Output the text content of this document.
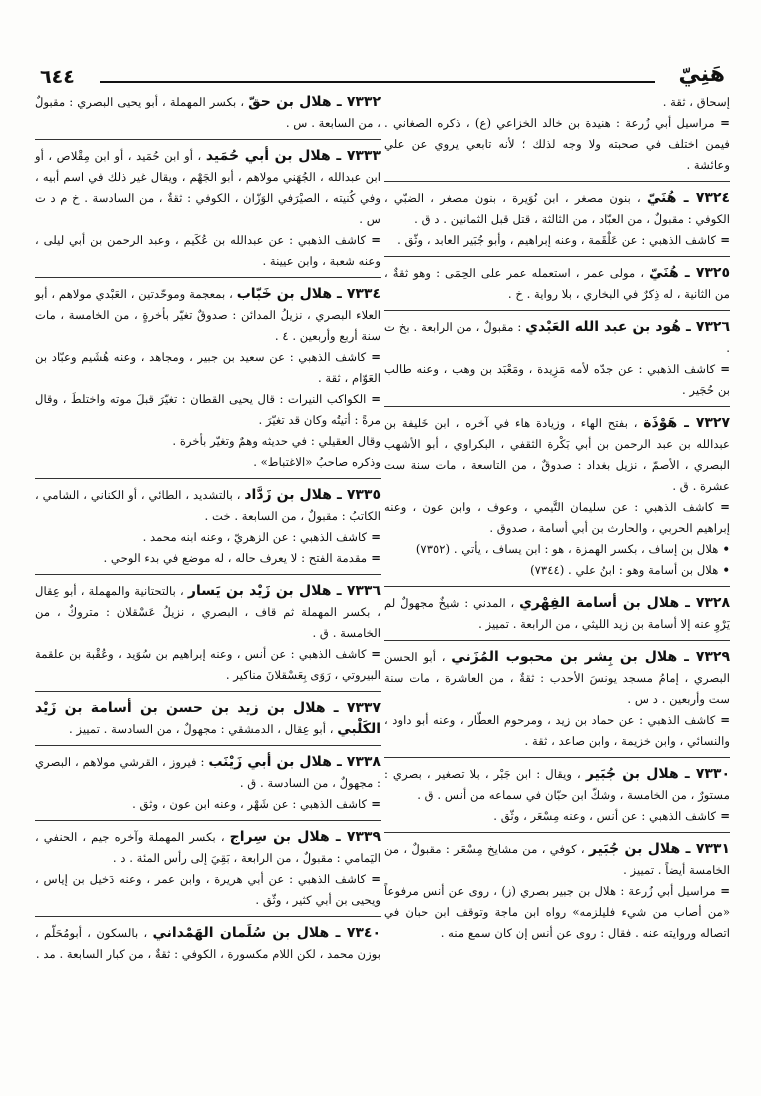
هَنِيّ
٦٤٤

إسحاق ، ثقة .

= مراسيل أبي زُرعة : هنيدة بن خالد الخزاعي (ع) ، ذكره الصغاني . فيمن اختلف في صحبته ولا وجه لذلك ؛ لأنه تابعي يروي عن علي وعائشة .

٧٣٢٤ ـ هُنَيّ ، بنون مصغر ، ابن نُوَيرة ، بنون مصغر ، الضبّي ، الكوفي : مقبولٌ ، من العبّاد ، من الثالثة ، قتل قبل الثمانين . د ق .

= كاشف الذهبي : عن عَلْقَمة ، وعنه إبراهيم ، وأبو جُبَير العابد ، وثّق .

٧٣٢٥ ـ هُنَيّ ، مولى عمر ، استعمله عمر على الحِمَى : وهو ثقةٌ ، من الثانية ، له ذِكرٌ في البخاري ، بلا رواية . خ .

٧٣٢٦ ـ هُود بن عبد الله العَبْدي : مقبولٌ ، من الرابعة . بخ ت .

= كاشف الذهبي : عن جدّه لأمه مَزِيدة ، ومَعْبَد بن وهب ، وعنه طالب بن حُجَير .

٧٣٢٧ ـ هَوْذَة ، بفتح الهاء ، وزيادة هاء في آخره ، ابن خَليفة بن عبدالله بن عبد الرحمن بن أبي بَكْرة الثقفي ، البكراوي ، أبو الأشهب البصري ، الأصمّ ، نزيل بغداد : صدوقٌ ، من التاسعة ، مات سنة ست عشرة . ق .

= كاشف الذهبي : عن سليمان التَّيمي ، وعوف ، وابن عون ، وعنه إبراهيم الحربي ، والحارث بن أبي أسامة ، صدوق .

• هلال بن إساف ، بكسر الهمزة ، هو : ابن يساف ، يأتي . (٧٣٥٢)

• هلال بن أسامة وهو : ابنُ علي . (٧٣٤٤)

٧٣٢٨ ـ هلال بن أسامة الفِهْري ، المدني : شيخٌ مجهولٌ لم يَرْوِ عنه إلا أسامة بن زيد الليثي ، من الرابعة . تمييز .

٧٣٢٩ ـ هلال بن بِشر بن محبوب المُزَني ، أبو الحسن البصري ، إمامُ مسجد يونسَ الأحدب : ثقةٌ ، من العاشرة ، مات سنة ست وأربعين . د س .

= كاشف الذهبي : عن حماد بن زيد ، ومرحوم العطّار ، وعنه أبو داود ، والنسائي ، وابن خزيمة ، وابن صاعد ، ثقة .

٧٣٣٠ ـ هلال بن جُبَير ، ويقال : ابن جَبْر ، بلا تصغير ، بصري : مستورٌ ، من الخامسة ، وشكّ ابن حبّان في سماعه من أنس . ق .

= كاشف الذهبي : عن أنس ، وعنه مِسْعَر ، وثّق .

٧٣٣١ ـ هلال بن جُبَير ، كوفي ، من مشايخ مِسْعَر : مقبولٌ ، من الخامسة أيضاً . تمييز .

= مراسيل أبي زُرعة : هلال بن جبير بصري (ز) ، روى عن أنس مرفوعاً «من أصاب من شيء فليلزمه» رواه ابن ماجة وتوقف ابن حبان في اتصاله وروايته عنه . فقال : روى عن أنس إن كان سمع منه .

٧٣٣٢ ـ هلال بن حقّ ، بكسر المهملة ، أبو يحيى البصري : مقبولٌ ، من السابعة . س .

٧٣٣٣ ـ هلال بن أبي حُمَيد ، أو ابن حُمَيد ، أو ابن مِقْلاص ، أو ابن عبدالله ، الجُهَني مولاهم ، أبو الجَهْم ، ويقال غير ذلك في اسم أبيه ، وفي كُنيته ، الصيْرَفي الوَزّان ، الكوفي : ثقةٌ ، من السادسة . خ م د ت س .

= كاشف الذهبي : عن عبدالله بن عُكَيم ، وعبد الرحمن بن أبي ليلى ، وعنه شعبة ، وابن عيينة .

٧٣٣٤ ـ هلال بن خَبّاب ، بمعجمة وموحّدتين ، العَبْدي مولاهم ، أبو العلاء البصري ، نزيلُ المدائن : صدوقٌ تغيّر بأخرةٍ ، من الخامسة ، مات سنة أربع وأربعين . ٤ .

= كاشف الذهبي : عن سعيد بن جبير ، ومجاهد ، وعنه هُشَيم وعبّاد بن العَوّام ، ثقة .

= الكواكب النيرات : قال يحيى القطان : تغيّرَ قبلَ موته واختلطَ ، وقال مرةً : أتيتُه وكان قد تغيّرَ .

وقال العقيلي : في حديثه وهمٌ وتغيّر بأخرة .

وذكره صاحبُ «الاغتباط» .

٧٣٣٥ ـ هلال بن زَدَّاد ، بالتشديد ، الطائي ، أو الكناني ، الشامي ، الكاتبُ : مقبولٌ ، من السابعة . خت .

= كاشف الذهبي : عن الزهريّ ، وعنه ابنه محمد .

= مقدمة الفتح : لا يعرف حاله ، له موضع في بدء الوحي .

٧٣٣٦ ـ هلال بن زَيْد بن يَسار ، بالتحتانية والمهملة ، أبو عِقال ، بكسر المهملة ثم قاف ، البصري ، نزيلُ عَسْقلان : متروكٌ ، من الخامسة . ق .

= كاشف الذهبي : عن أنس ، وعنه إبراهيم بن سُوَيد ، وعُقْبة بن علقمة البيروتي ، رَوَى بِعَسْقلانَ مناكير .

٧٣٣٧ ـ هلال بن زيد بن حسن بن أسامة بن زَيْد الكَلْبي ، أبو عِقال ، الدمشقي : مجهولٌ ، من السادسة . تمييز .

٧٣٣٨ ـ هلال بن أبي زَيْنَب : فيروز ، القرشي مولاهم ، البصري : مجهولٌ ، من السادسة . ق .

= كاشف الذهبي : عن شَهْر ، وعنه ابن عون ، وثق .

٧٣٣٩ ـ هلال بن سِراج ، بكسر المهملة وآخره جيم ، الحنفي ، اليَمامي : مقبولٌ ، من الرابعة ، بَقِيَ إلى رأس المئة . د .

= كاشف الذهبي : عن أبي هريرة ، وابن عمر ، وعنه دَخيل بن إياس ، ويحيى بن أبي كثير ، وثّق .

٧٣٤٠ ـ هلال بن سُلَمان الهَمْداني ، بالسكون ، أبومُحَلّم ، بوزن محمد ، لكن اللام مكسورة ، الكوفي : ثقةٌ ، من كبار السابعة . مد .
